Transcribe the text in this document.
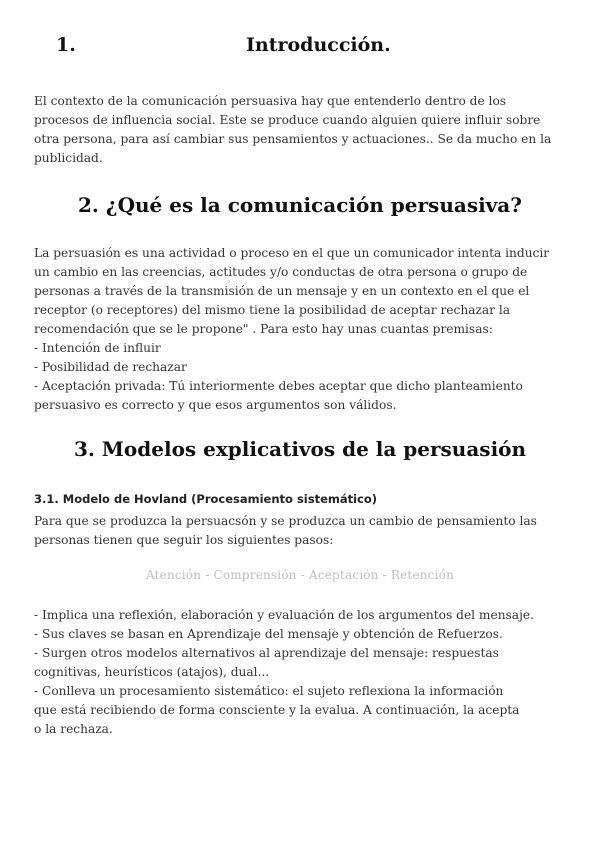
1.	Introducción.
El contexto de la comunicación persuasiva hay que entenderlo dentro de los
procesos de influencia social. Este se produce cuando alguien quiere influir sobre
otra persona, para así cambiar sus pensamientos y actuaciones.. Se da mucho en la
publicidad.
2. ¿Qué es la comunicación persuasiva?
La persuasión es una actividad o proceso en el que un comunicador intenta inducir
un cambio en las creencias, actitudes y/o conductas de otra persona o grupo de
personas a través de la transmisión de un mensaje y en un contexto en el que el
receptor (o receptores) del mismo tiene la posibilidad de aceptar rechazar la
recomendación que se le propone" . Para esto hay unas cuantas premisas:
- Intención de influir
- Posibilidad de rechazar
- Aceptación privada: Tú interiormente debes aceptar que dicho planteamiento
persuasivo es correcto y que esos argumentos son válidos.
3. Modelos explicativos de la persuasión
3.1. Modelo de Hovland (Procesamiento sistemático)
Para que se produzca la persuacsón y se produzca un cambio de pensamiento las
personas tienen que seguir los siguientes pasos:
Atención - Comprensión - Aceptación - Retención
- Implica una reflexión, elaboración y evaluación de los argumentos del mensaje.
- Sus claves se basan en Aprendizaje del mensaje y obtención de Refuerzos.
- Surgen otros modelos alternativos al aprendizaje del mensaje: respuestas
cognitivas, heurísticos (atajos), dual...
- Conlleva un procesamiento sistemático: el sujeto reflexiona la información
que está recibiendo de forma consciente y la evalua. A continuación, la acepta
o la rechaza.
